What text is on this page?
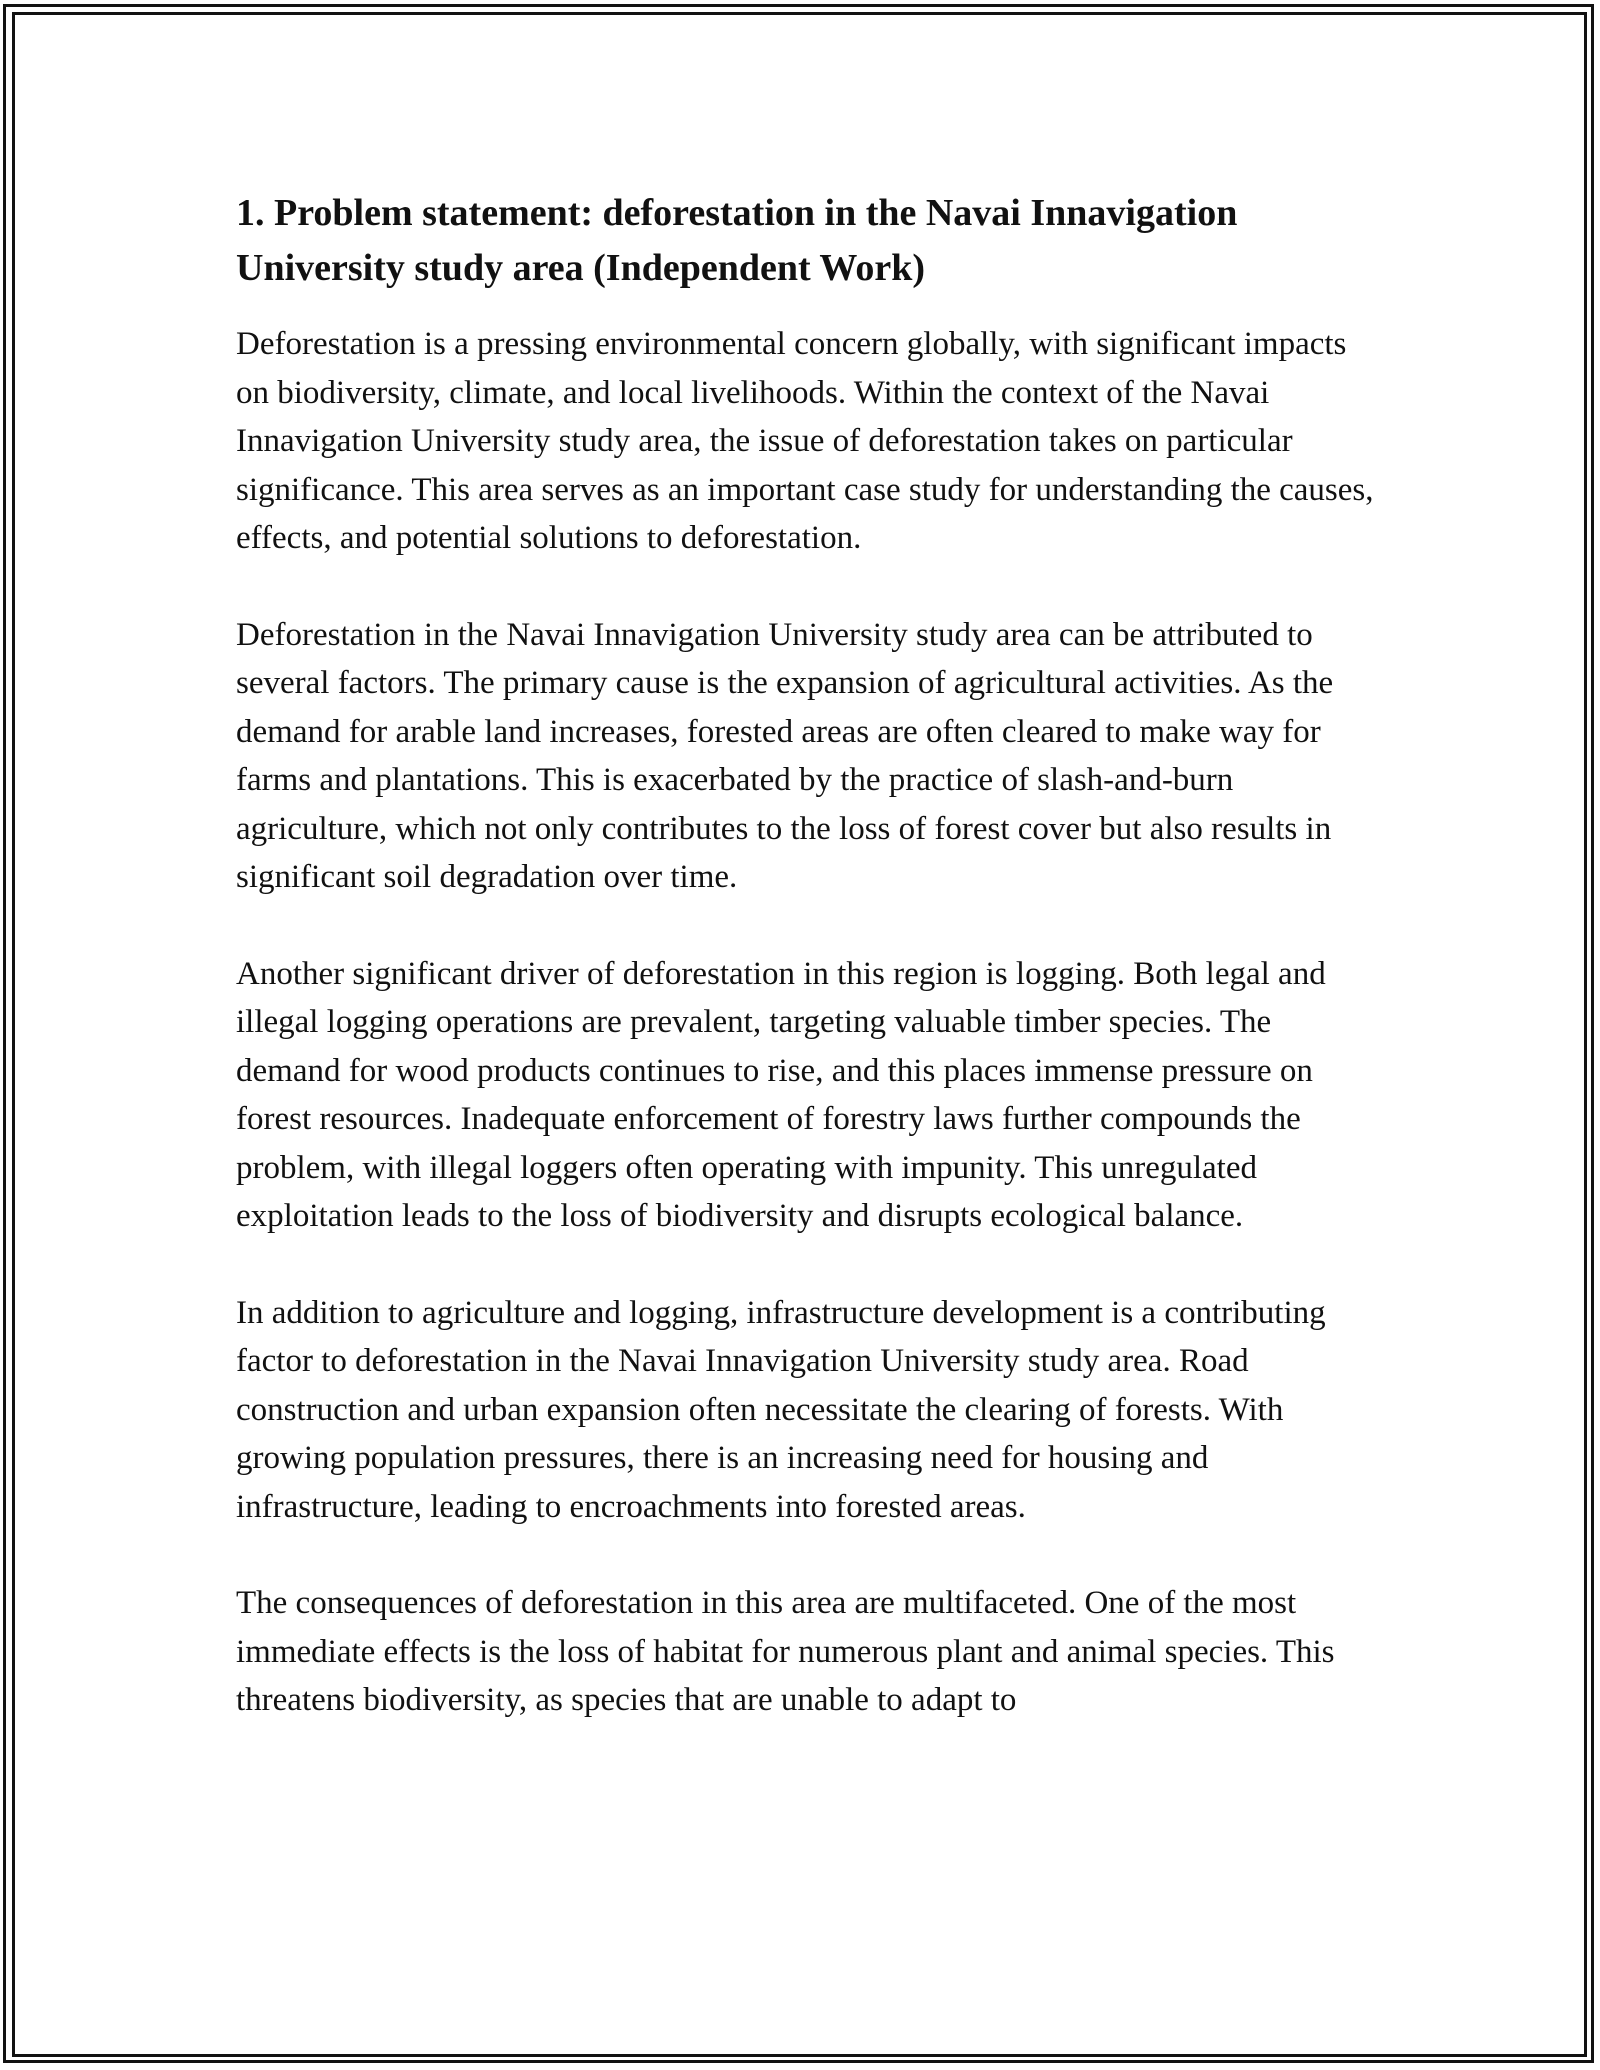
1. Problem statement: deforestation in the Navai Innavigation University study area (Independent Work)

Deforestation is a pressing environmental concern globally, with significant impacts on biodiversity, climate, and local livelihoods. Within the context of the Navai Innavigation University study area, the issue of deforestation takes on particular significance. This area serves as an important case study for understanding the causes, effects, and potential solutions to deforestation.

Deforestation in the Navai Innavigation University study area can be attributed to several factors. The primary cause is the expansion of agricultural activities. As the demand for arable land increases, forested areas are often cleared to make way for farms and plantations. This is exacerbated by the practice of slash-and-burn agriculture, which not only contributes to the loss of forest cover but also results in significant soil degradation over time.

Another significant driver of deforestation in this region is logging. Both legal and illegal logging operations are prevalent, targeting valuable timber species. The demand for wood products continues to rise, and this places immense pressure on forest resources. Inadequate enforcement of forestry laws further compounds the problem, with illegal loggers often operating with impunity. This unregulated exploitation leads to the loss of biodiversity and disrupts ecological balance.

In addition to agriculture and logging, infrastructure development is a contributing factor to deforestation in the Navai Innavigation University study area. Road construction and urban expansion often necessitate the clearing of forests. With growing population pressures, there is an increasing need for housing and infrastructure, leading to encroachments into forested areas.

The consequences of deforestation in this area are multifaceted. One of the most immediate effects is the loss of habitat for numerous plant and animal species. This threatens biodiversity, as species that are unable to adapt to
